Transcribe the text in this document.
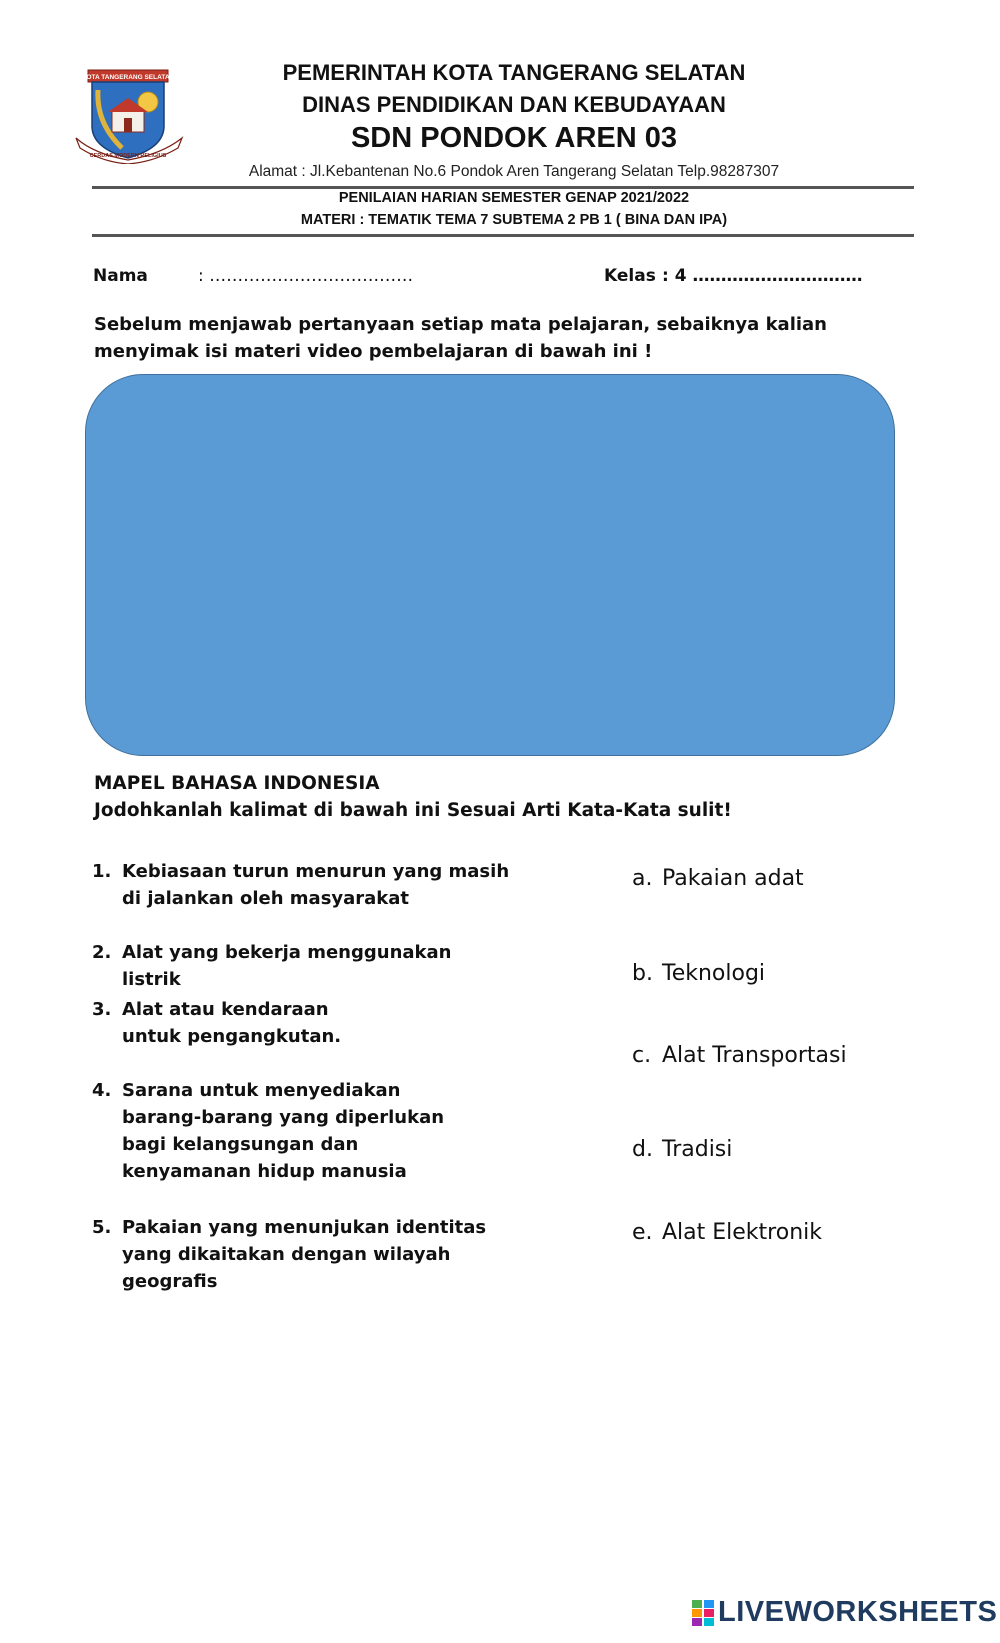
KOTA TANGERANG SELATAN
CERDAS MODERN RELIGIUS
PEMERINTAH KOTA TANGERANG SELATAN
DINAS PENDIDIKAN DAN KEBUDAYAAN
SDN PONDOK AREN 03
Alamat : Jl.Kebantenan No.6 Pondok Aren Tangerang Selatan Telp.98287307
PENILAIAN HARIAN SEMESTER GENAP 2021/2022
MATERI : TEMATIK TEMA 7 SUBTEMA 2 PB 1 ( BINA DAN IPA)
Nama	: ………………………………	Kelas : 4 …………………………
Sebelum menjawab pertanyaan setiap mata pelajaran, sebaiknya kalian menyimak isi materi video pembelajaran di bawah ini !
MAPEL BAHASA INDONESIA
Jodohkanlah kalimat di bawah ini Sesuai Arti Kata-Kata sulit!
1. Kebiasaan turun menurun yang masih di jalankan oleh masyarakat
2. Alat yang bekerja menggunakan listrik
3. Alat atau kendaraan untuk pengangkutan.
4. Sarana untuk menyediakan barang-barang yang diperlukan bagi kelangsungan dan kenyamanan hidup manusia
5. Pakaian yang menunjukan identitas yang dikaitakan dengan wilayah geografis
a. Pakaian adat
b. Teknologi
c. Alat Transportasi
d. Tradisi
e. Alat Elektronik
LIVEWORKSHEETS
